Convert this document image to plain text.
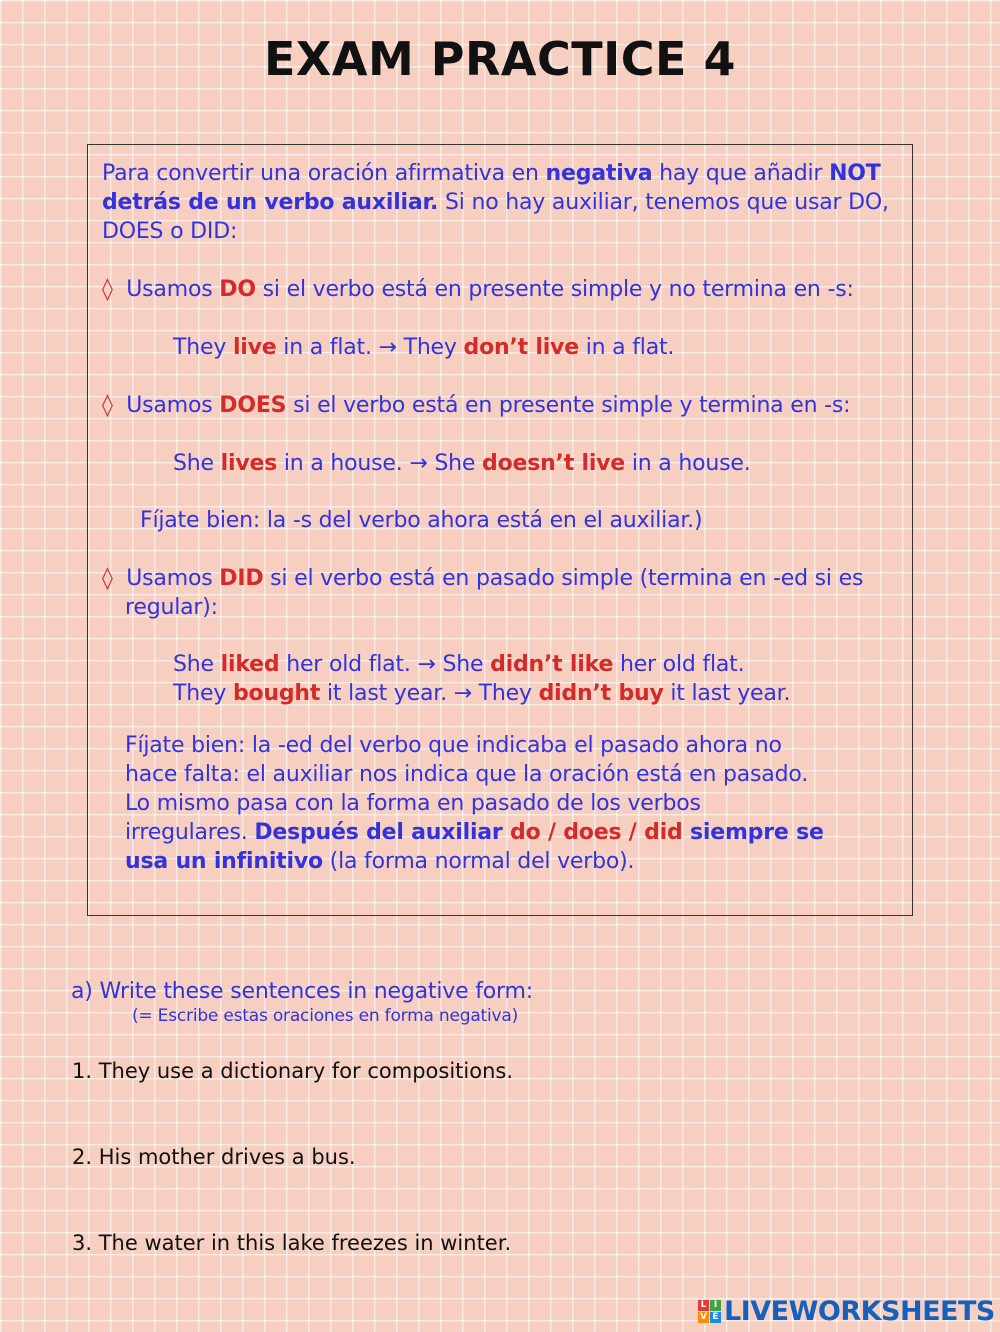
EXAM PRACTICE 4
Para convertir una oración afirmativa en negativa hay que añadir NOT
detrás de un verbo auxiliar. Si no hay auxiliar, tenemos que usar DO,
DOES o DID:
◊ Usamos DO si el verbo está en presente simple y no termina en -s:
They live in a flat. → They don’t live in a flat.
◊ Usamos DOES si el verbo está en presente simple y termina en -s:
She lives in a house. → She doesn’t live in a house.
Fíjate bien: la -s del verbo ahora está en el auxiliar.)
◊ Usamos DID si el verbo está en pasado simple (termina en -ed si es
regular):
She liked her old flat. → She didn’t like her old flat.
They bought it last year. → They didn’t buy it last year.
Fíjate bien: la -ed del verbo que indicaba el pasado ahora no
hace falta: el auxiliar nos indica que la oración está en pasado.
Lo mismo pasa con la forma en pasado de los verbos
irregulares. Después del auxiliar do / does / did siempre se
usa un infinitivo (la forma normal del verbo).
a) Write these sentences in negative form:
(= Escribe estas oraciones en forma negativa)
1. They use a dictionary for compositions.
2. His mother drives a bus.
3. The water in this lake freezes in winter.
L I
V E LIVEWORKSHEETS
